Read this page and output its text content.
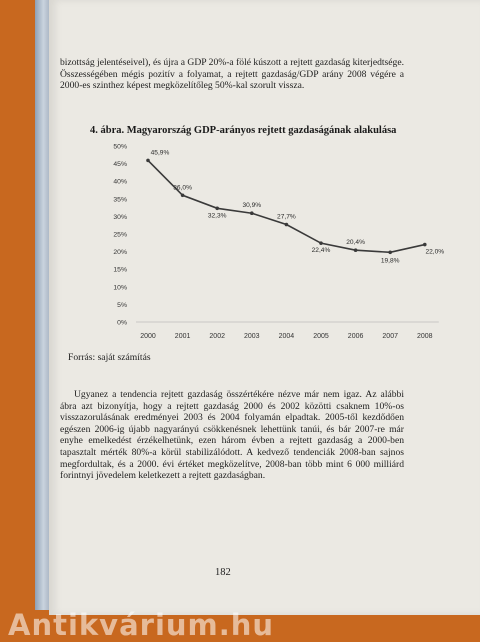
bizottság jelentéseivel), és újra a GDP 20%-a fölé kúszott a rejtett gazdaság kiterjedtsége. Összességében mégis pozitív a folyamat, a rejtett gazdaság/GDP arány 2008 végére a 2000-es szinthez képest megközelítőleg 50%-kal szorult vissza.

4. ábra. Magyarország GDP-arányos rejtett gazdaságának alakulása

0%
5%
10%
15%
20%
25%
30%
35%
40%
45%
50%
2000	2001	2002	2003	2004	2005	2006	2007	2008
45,9%
36,0%
32,3%
30,9%
27,7%
22,4%
20,4%
19,8%
22,0%
Forrás: saját számítás

Ugyanez a tendencia rejtett gazdaság összértékére nézve már nem igaz. Az alábbi ábra azt bizonyítja, hogy a rejtett gazdaság 2000 és 2002 közötti csaknem 10%-os visszazorulásának eredményei 2003 és 2004 folyamán elpadtak. 2005-től kezdődően egészen 2006-ig újabb nagyarányú csökkenésnek lehettünk tanúi, és bár 2007-re már enyhe emelkedést érzékelhetünk, ezen három évben a rejtett gazdaság a 2000-ben tapasztalt mérték 80%-a körül stabilizálódott. A kedvező tendenciák 2008-ban sajnos megfordultak, és a 2000. évi értéket megközelítve, 2008-ban több mint 6 000 milliárd forintnyi jövedelem keletkezett a rejtett gazdaságban.

182
Antikvárium.hu
